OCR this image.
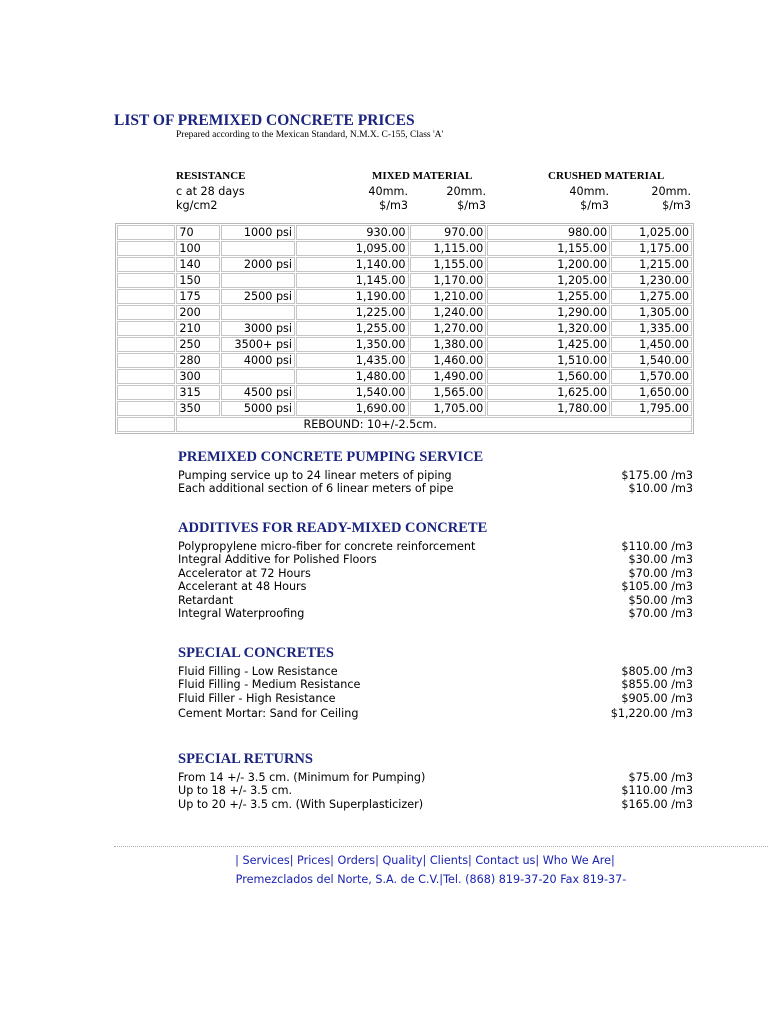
LIST OF PREMIXED CONCRETE PRICES
Prepared according to the Mexican Standard, N.M.X. C-155, Class 'A'
RESISTANCE
c at 28 days
kg/cm2
MIXED MATERIAL
40mm.	20mm.
$/m3	$/m3
CRUSHED MATERIAL
40mm.	20mm.
$/m3	$/m3
	70	1000 psi	930.00	970.00	980.00	1,025.00
	100		1,095.00	1,115.00	1,155.00	1,175.00
	140	2000 psi	1,140.00	1,155.00	1,200.00	1,215.00
	150		1,145.00	1,170.00	1,205.00	1,230.00
	175	2500 psi	1,190.00	1,210.00	1,255.00	1,275.00
	200		1,225.00	1,240.00	1,290.00	1,305.00
	210	3000 psi	1,255.00	1,270.00	1,320.00	1,335.00
	250	3500+ psi	1,350.00	1,380.00	1,425.00	1,450.00
	280	4000 psi	1,435.00	1,460.00	1,510.00	1,540.00
	300		1,480.00	1,490.00	1,560.00	1,570.00
	315	4500 psi	1,540.00	1,565.00	1,625.00	1,650.00
	350	5000 psi	1,690.00	1,705.00	1,780.00	1,795.00
	REBOUND: 10+/-2.5cm.					
PREMIXED CONCRETE PUMPING SERVICE
Pumping service up to 24 linear meters of piping	$175.00 /m3
Each additional section of 6 linear meters of pipe	$10.00 /m3
ADDITIVES FOR READY-MIXED CONCRETE
Polypropylene micro-fiber for concrete reinforcement	$110.00 /m3
Integral Additive for Polished Floors	$30.00 /m3
Accelerator at 72 Hours	$70.00 /m3
Accelerant at 48 Hours	$105.00 /m3
Retardant	$50.00 /m3
Integral Waterproofing	$70.00 /m3
SPECIAL CONCRETES
Fluid Filling - Low Resistance	$805.00 /m3
Fluid Filling - Medium Resistance	$855.00 /m3
Fluid Filler - High Resistance	$905.00 /m3
Cement Mortar: Sand for Ceiling	$1,220.00 /m3
SPECIAL RETURNS
From 14 +/- 3.5 cm. (Minimum for Pumping)	$75.00 /m3
Up to 18 +/- 3.5 cm.	$110.00 /m3
Up to 20 +/- 3.5 cm. (With Superplasticizer)	$165.00 /m3
| Services| Prices| Orders| Quality| Clients| Contact us| Who We Are|
Premezclados del Norte, S.A. de C.V.|Tel. (868) 819-37-20 Fax 819-37-
